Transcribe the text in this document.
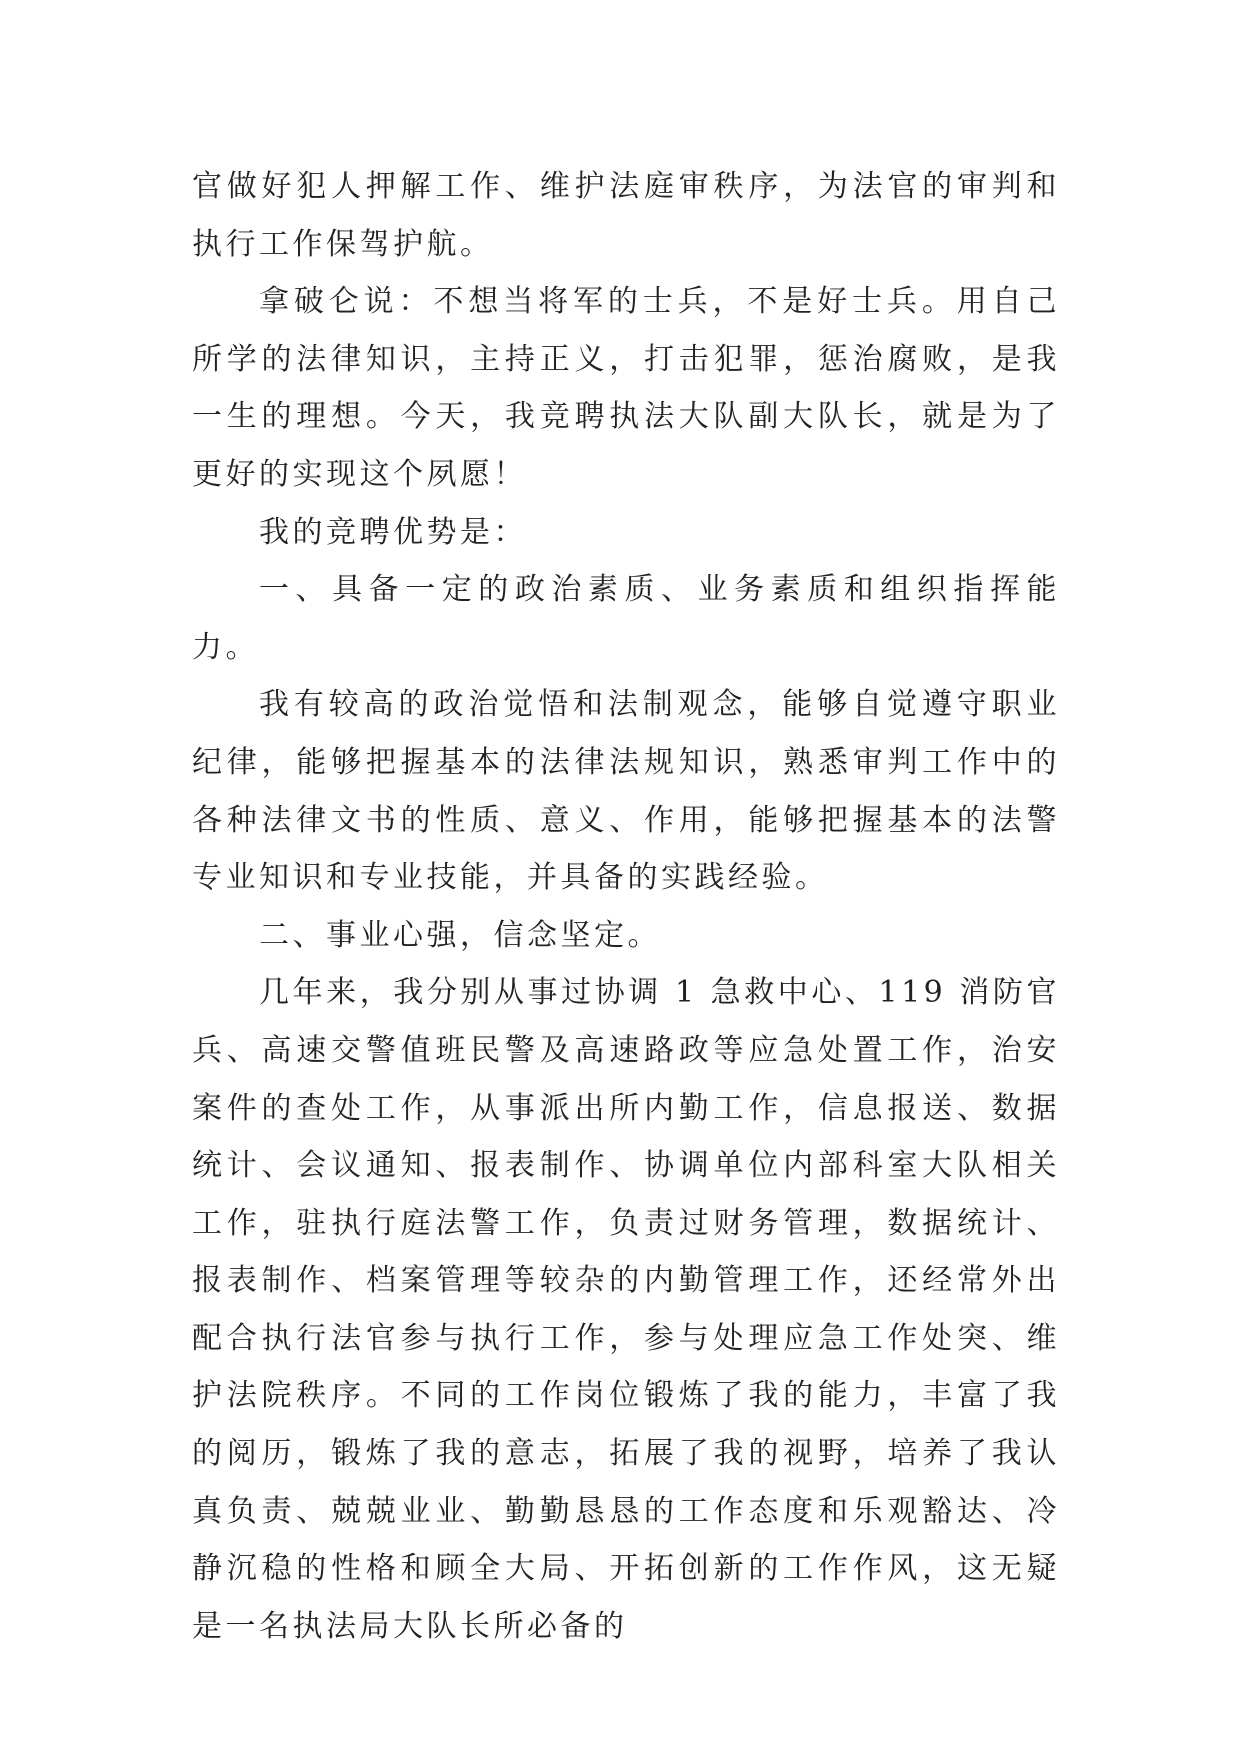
官做好犯人押解工作、维护法庭审秩序，为法官的审判和执行工作保驾护航。

拿破仑说：不想当将军的士兵，不是好士兵。用自己所学的法律知识，主持正义，打击犯罪，惩治腐败，是我一生的理想。今天，我竞聘执法大队副大队长，就是为了更好的实现这个夙愿！

我的竞聘优势是：

一、具备一定的政治素质、业务素质和组织指挥能力。

我有较高的政治觉悟和法制观念，能够自觉遵守职业纪律，能够把握基本的法律法规知识，熟悉审判工作中的各种法律文书的性质、意义、作用，能够把握基本的法警专业知识和专业技能，并具备的实践经验。

二、事业心强，信念坚定。

几年来，我分别从事过协调 1 急救中心、119 消防官兵、高速交警值班民警及高速路政等应急处置工作，治安案件的查处工作，从事派出所内勤工作，信息报送、数据统计、会议通知、报表制作、协调单位内部科室大队相关工作，驻执行庭法警工作，负责过财务管理，数据统计、报表制作、档案管理等较杂的内勤管理工作，还经常外出配合执行法官参与执行工作，参与处理应急工作处突、维护法院秩序。不同的工作岗位锻炼了我的能力，丰富了我的阅历，锻炼了我的意志，拓展了我的视野，培养了我认真负责、兢兢业业、勤勤恳恳的工作态度和乐观豁达、冷静沉稳的性格和顾全大局、开拓创新的工作作风，这无疑是一名执法局大队长所必备的
